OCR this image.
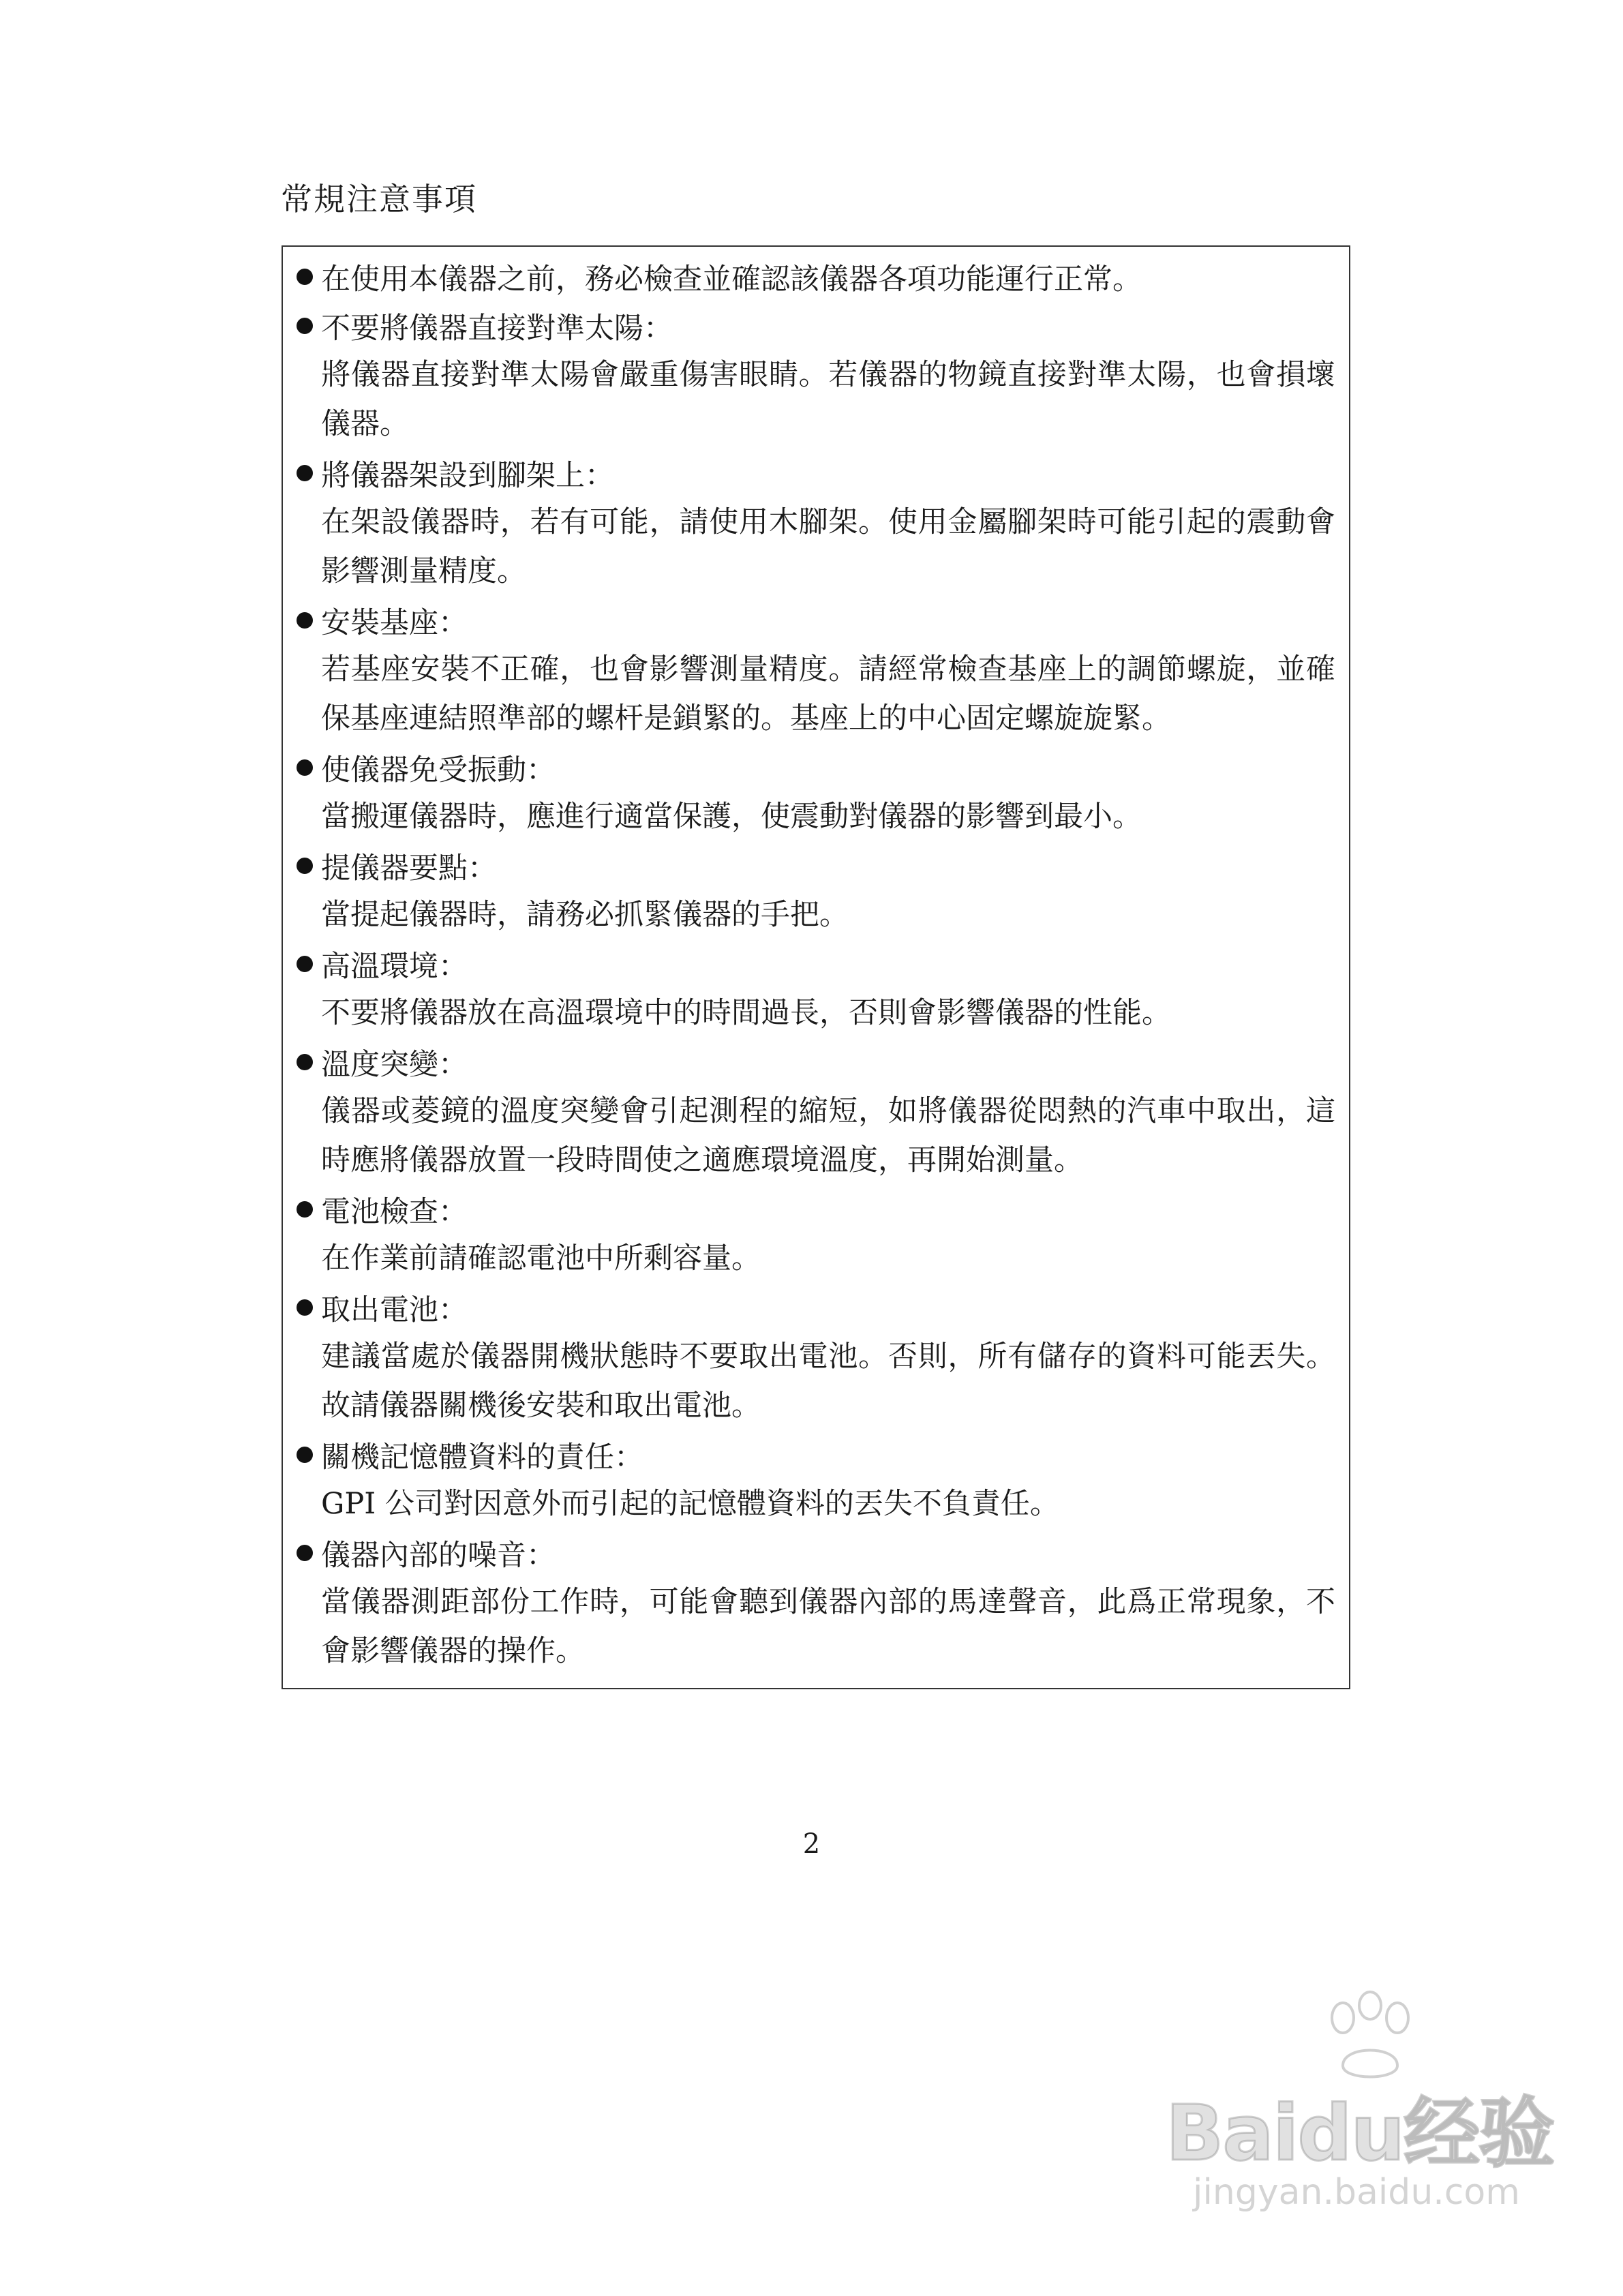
常規注意事項
在使用本儀器之前，務必檢查並確認該儀器各項功能運行正常。
不要將儀器直接對準太陽：

將儀器直接對準太陽會嚴重傷害眼睛。若儀器的物鏡直接對準太陽，也會損壞儀器。

將儀器架設到腳架上：

在架設儀器時，若有可能，請使用木腳架。使用金屬腳架時可能引起的震動會影響測量精度。

安裝基座：

若基座安裝不正確，也會影響測量精度。請經常檢查基座上的調節螺旋，並確保基座連結照準部的螺杆是鎖緊的。基座上的中心固定螺旋旋緊。

使儀器免受振動：

當搬運儀器時，應進行適當保護，使震動對儀器的影響到最小。

提儀器要點：

當提起儀器時，請務必抓緊儀器的手把。

高溫環境：

不要將儀器放在高溫環境中的時間過長，否則會影響儀器的性能。

溫度突變：

儀器或菱鏡的溫度突變會引起測程的縮短，如將儀器從悶熱的汽車中取出，這時應將儀器放置一段時間使之適應環境溫度，再開始測量。

電池檢查：

在作業前請確認電池中所剩容量。

取出電池：

建議當處於儀器開機狀態時不要取出電池。否則，所有儲存的資料可能丟失。故請儀器關機後安裝和取出電池。

關機記憶體資料的責任：

GPI 公司對因意外而引起的記憶體資料的丟失不負責任。

儀器內部的噪音：

當儀器測距部份工作時，可能會聽到儀器內部的馬達聲音，此爲正常現象，不會影響儀器的操作。

2
Baidu经验
jingyan.baidu.com
